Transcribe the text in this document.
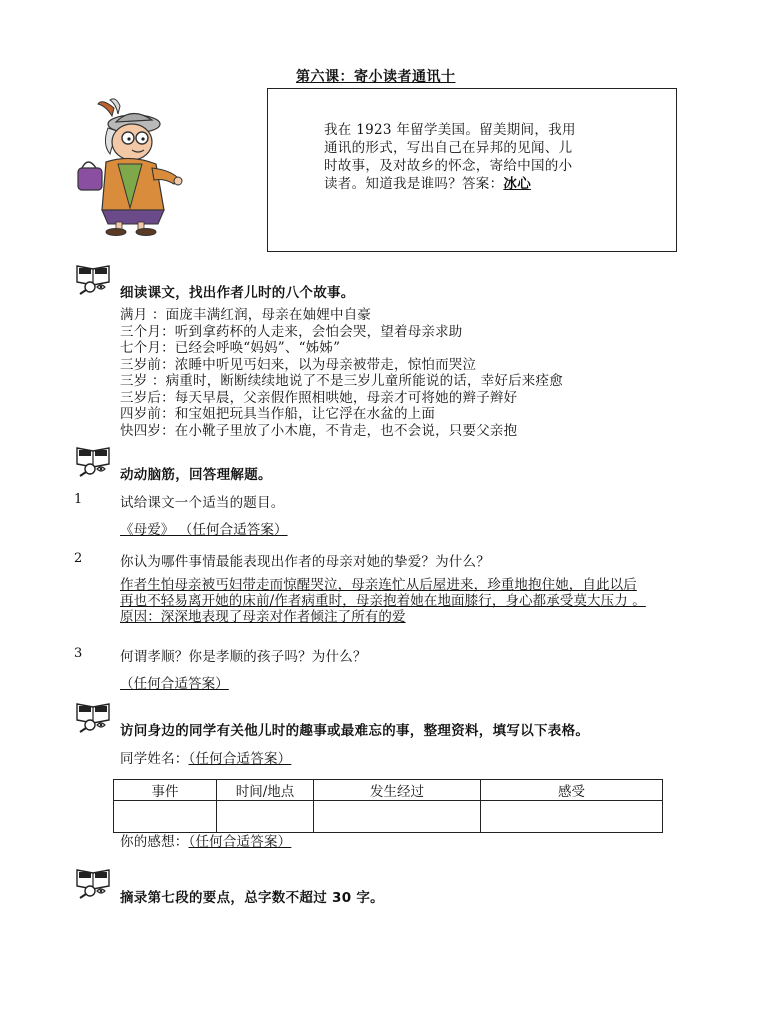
第六课：寄小读者通讯十
我在 1923 年留学美国。留美期间，我用
通讯的形式，写出自己在异邦的见闻、儿
时故事，及对故乡的怀念，寄给中国的小
读者。知道我是谁吗？答案：冰心
细读课文，找出作者儿时的八个故事。
满月 ：面庞丰满红润，母亲在妯娌中自豪
三个月：听到拿药杯的人走来，会怕会哭，望着母亲求助
七个月：已经会呼唤“妈妈”、“姊姊”
三岁前：浓睡中听见丐妇来，以为母亲被带走，惊怕而哭泣
三岁 ：病重时，断断续续地说了不是三岁儿童所能说的话，幸好后来痊愈
三岁后：每天早晨，父亲假作照相哄她，母亲才可将她的辫子辫好
四岁前：和宝姐把玩具当作船，让它浮在水盆的上面
快四岁：在小靴子里放了小木鹿，不肯走，也不会说，只要父亲抱
动动脑筋，回答理解题。
1	试给课文一个适当的题目。
《母爱》 （任何合适答案）
2	你认为哪件事情最能表现出作者的母亲对她的挚爱？为什么？
作者生怕母亲被丐妇带走而惊醒哭泣，母亲连忙从后屋进来，珍重地抱住她，自此以后
再也不轻易离开她的床前/作者病重时，母亲抱着她在地面膝行，身心都承受莫大压力 。
原因：深深地表现了母亲对作者倾注了所有的爱
3	何谓孝顺？你是孝顺的孩子吗？为什么？
（任何合适答案）
访问身边的同学有关他儿时的趣事或最难忘的事，整理资料，填写以下表格。
同学姓名：（任何合适答案）
事件	时间/地点	发生经过	感受

你的感想：（任何合适答案）
摘录第七段的要点，总字数不超过 30 字。
